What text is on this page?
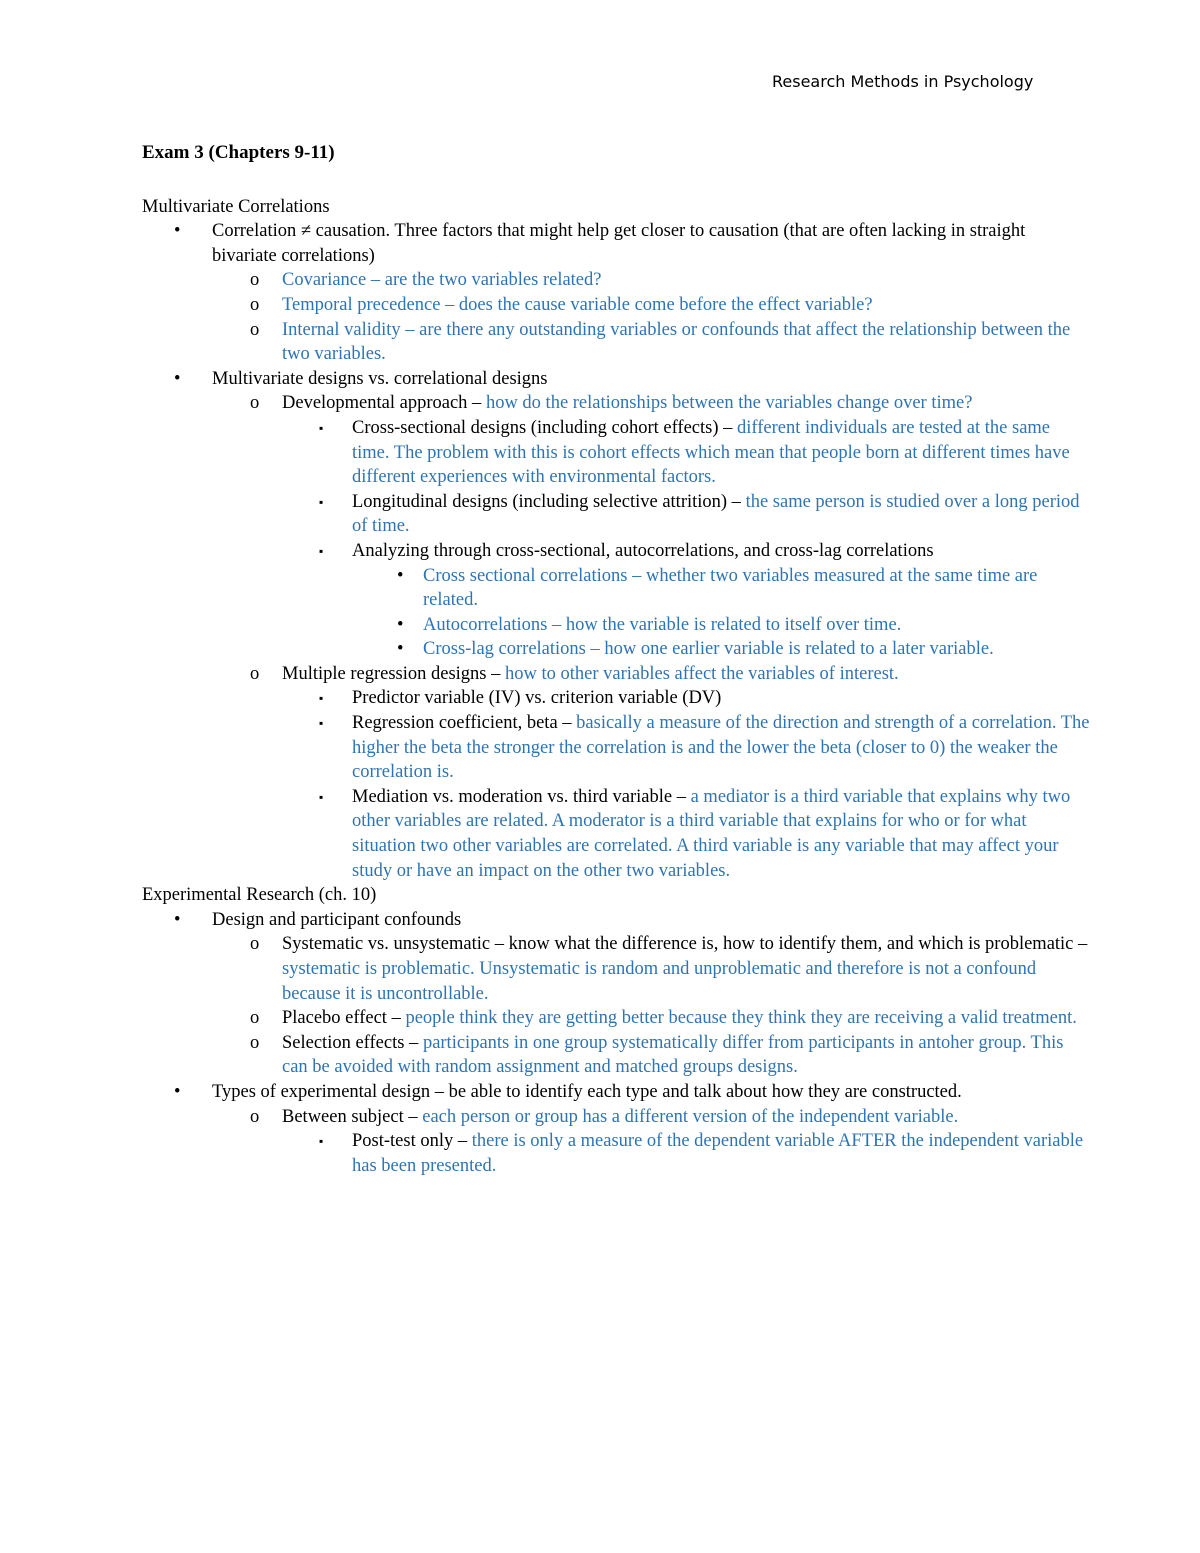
Research Methods in Psychology

Exam 3 (Chapters 9-11)

Multivariate Correlations

• Correlation ≠ causation. Three factors that might help get closer to causation (that are often lacking in straight bivariate correlations)
o Covariance – are the two variables related?
o Temporal precedence – does the cause variable come before the effect variable?
o Internal validity – are there any outstanding variables or confounds that affect the relationship between the two variables.
• Multivariate designs vs. correlational designs
o Developmental approach – how do the relationships between the variables change over time?
▪ Cross-sectional designs (including cohort effects) – different individuals are tested at the same time. The problem with this is cohort effects which mean that people born at different times have different experiences with environmental factors.
▪ Longitudinal designs (including selective attrition) – the same person is studied over a long period of time.
▪ Analyzing through cross-sectional, autocorrelations, and cross-lag correlations
• Cross sectional correlations – whether two variables measured at the same time are related.
• Autocorrelations – how the variable is related to itself over time.
• Cross-lag correlations – how one earlier variable is related to a later variable.
o Multiple regression designs – how to other variables affect the variables of interest.
▪ Predictor variable (IV) vs. criterion variable (DV)
▪ Regression coefficient, beta – basically a measure of the direction and strength of a correlation. The higher the beta the stronger the correlation is and the lower the beta (closer to 0) the weaker the correlation is.
▪ Mediation vs. moderation vs. third variable – a mediator is a third variable that explains why two other variables are related. A moderator is a third variable that explains for who or for what situation two other variables are correlated. A third variable is any variable that may affect your study or have an impact on the other two variables.

Experimental Research (ch. 10)

• Design and participant confounds
o Systematic vs. unsystematic – know what the difference is, how to identify them, and which is problematic – systematic is problematic. Unsystematic is random and unproblematic and therefore is not a confound because it is uncontrollable.
o Placebo effect – people think they are getting better because they think they are receiving a valid treatment.
o Selection effects – participants in one group systematically differ from participants in antoher group. This can be avoided with random assignment and matched groups designs.
• Types of experimental design – be able to identify each type and talk about how they are constructed.
o Between subject – each person or group has a different version of the independent variable.
▪ Post-test only – there is only a measure of the dependent variable AFTER the independent variable has been presented.
